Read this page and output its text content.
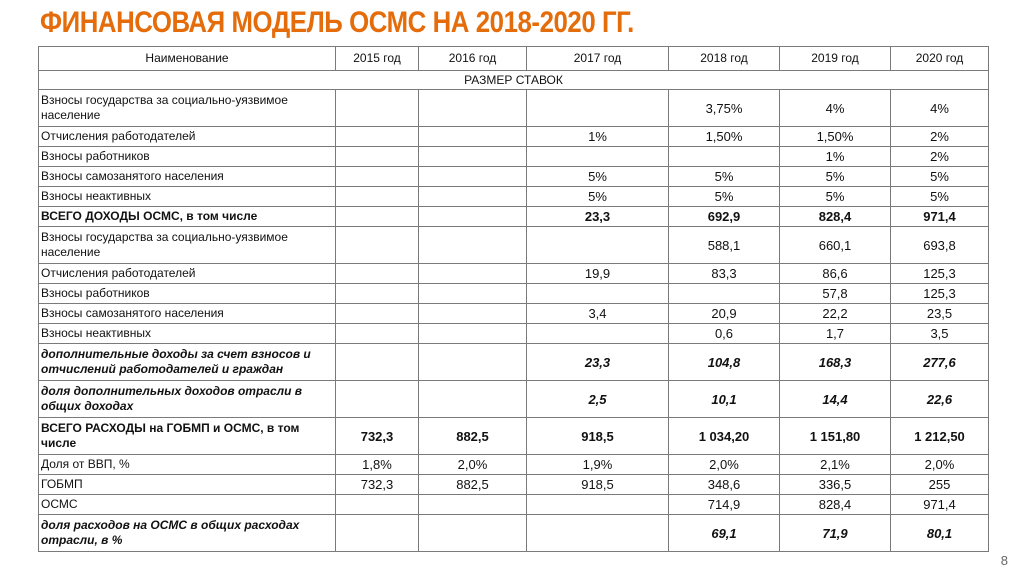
ФИНАНСОВАЯ МОДЕЛЬ ОСМС НА 2018-2020 ГГ.
Наименование	2015 год	2016 год	2017 год	2018 год	2019 год	2020 год
РАЗМЕР СТАВОК						
Взносы государства за социально-уязвимое население				3,75%	4%	4%
Отчисления работодателей			1%	1,50%	1,50%	2%
Взносы работников					1%	2%
Взносы самозанятого населения			5%	5%	5%	5%
Взносы неактивных			5%	5%	5%	5%
ВСЕГО ДОХОДЫ ОСМС, в том числе			23,3	692,9	828,4	971,4
Взносы государства за социально-уязвимое население				588,1	660,1	693,8
Отчисления работодателей			19,9	83,3	86,6	125,3
Взносы работников					57,8	125,3
Взносы самозанятого населения			3,4	20,9	22,2	23,5
Взносы неактивных				0,6	1,7	3,5
дополнительные доходы за счет взносов и отчислений работодателей и граждан			23,3	104,8	168,3	277,6
доля дополнительных доходов отрасли в общих доходах			2,5	10,1	14,4	22,6
ВСЕГО РАСХОДЫ на ГОБМП и ОСМС, в том числе	732,3	882,5	918,5	1 034,20	1 151,80	1 212,50
Доля от ВВП, %	1,8%	2,0%	1,9%	2,0%	2,1%	2,0%
ГОБМП	732,3	882,5	918,5	348,6	336,5	255
ОСМС				714,9	828,4	971,4
доля расходов на ОСМС в общих расходах отрасли, в %				69,1	71,9	80,1
8
